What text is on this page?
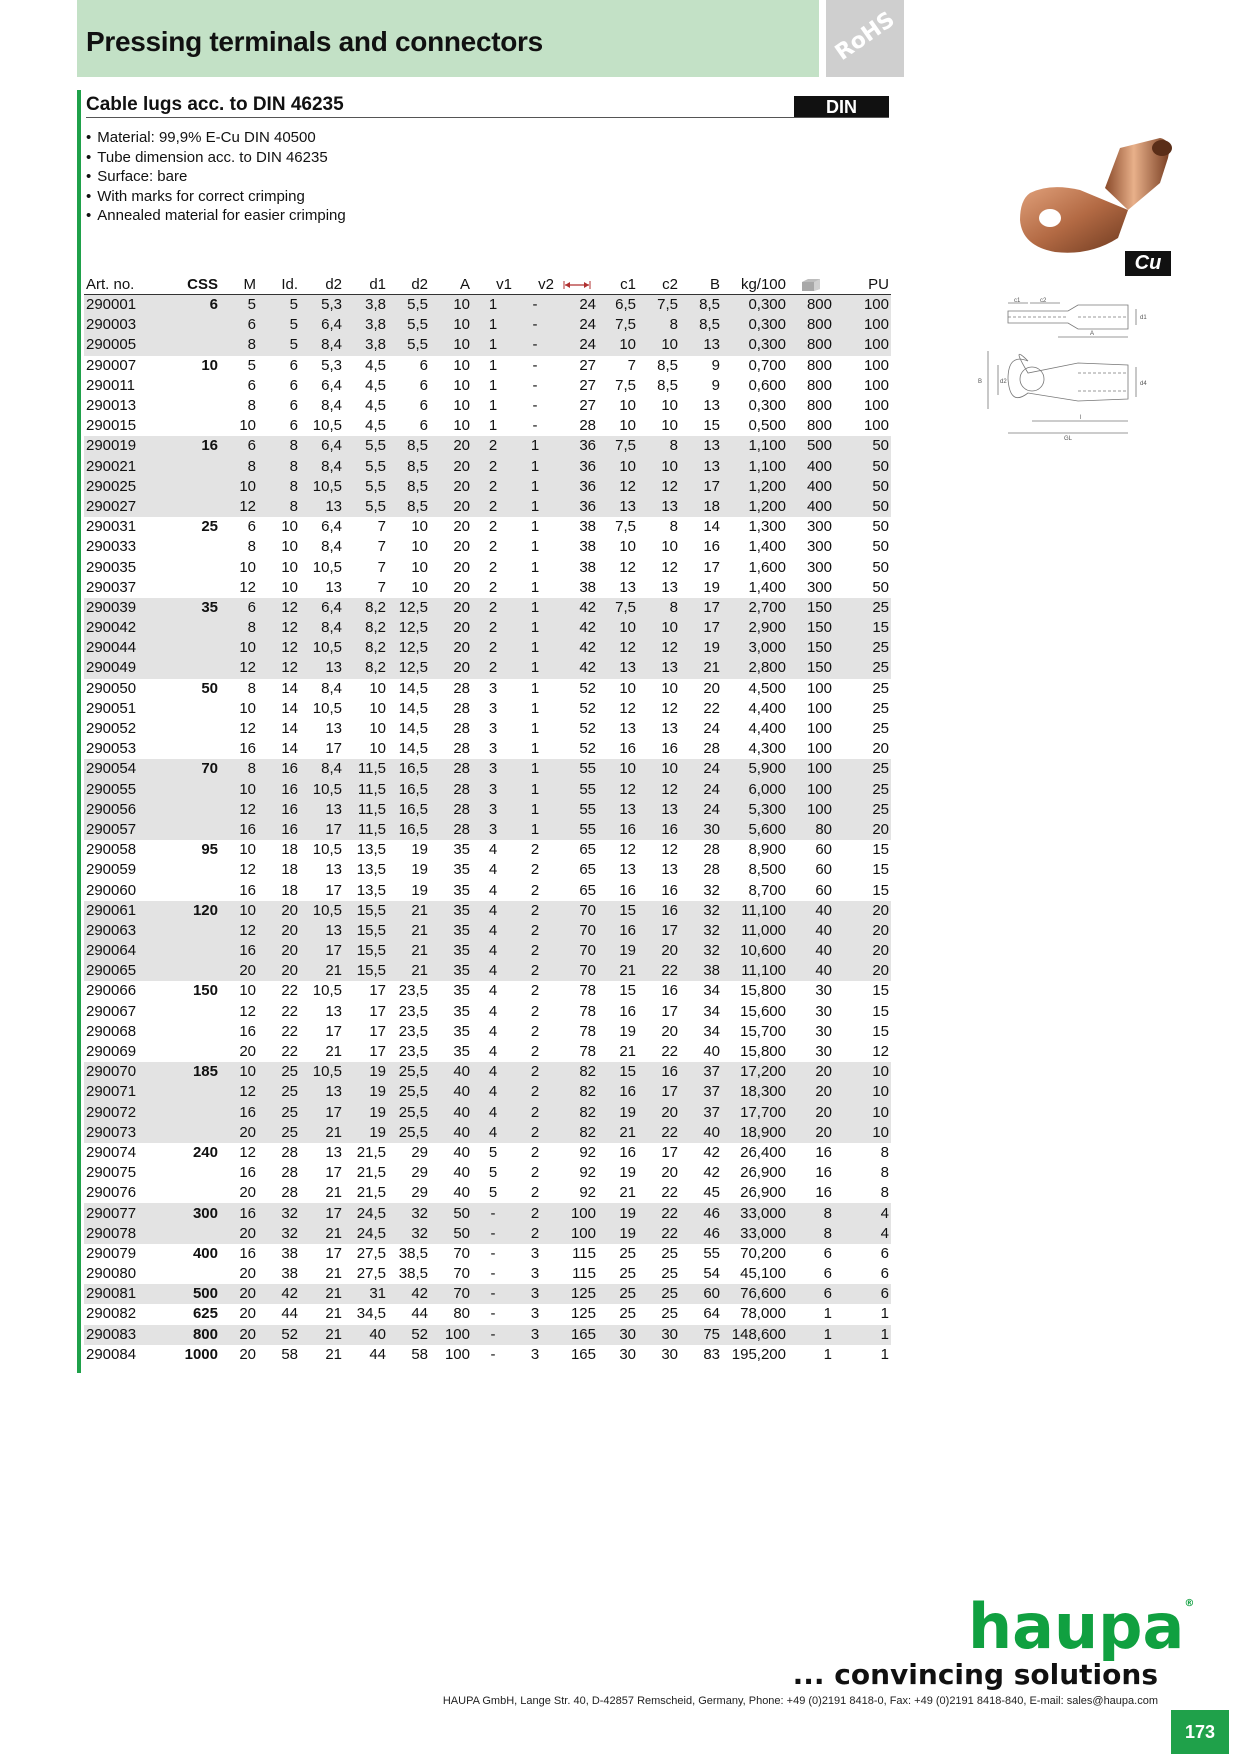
Pressing terminals and connectors	RoHS
Cable lugs acc. to DIN 46235	DIN
• Material: 99,9% E-Cu DIN 40500
• Tube dimension acc. to DIN 46235
• Surface: bare
• With marks for correct crimping
• Annealed material for easier crimping
Cu
c1	c2
d1
A
B	d2	d4
l
GL
Art. no.	CSS	M	Id.	d2	d1	d2	A	v1	v2		c1	c2	B	kg/100		PU
290001	6	5	5	5,3	3,8	5,5	10	1	-	24	6,5	7,5	8,5	0,300	800	100
290003		6	5	6,4	3,8	5,5	10	1	-	24	7,5	8	8,5	0,300	800	100
290005		8	5	8,4	3,8	5,5	10	1	-	24	10	10	13	0,300	800	100
290007	10	5	6	5,3	4,5	6	10	1	-	27	7	8,5	9	0,700	800	100
290011		6	6	6,4	4,5	6	10	1	-	27	7,5	8,5	9	0,600	800	100
290013		8	6	8,4	4,5	6	10	1	-	27	10	10	13	0,300	800	100
290015		10	6	10,5	4,5	6	10	1	-	28	10	10	15	0,500	800	100
290019	16	6	8	6,4	5,5	8,5	20	2	1	36	7,5	8	13	1,100	500	50
290021		8	8	8,4	5,5	8,5	20	2	1	36	10	10	13	1,100	400	50
290025		10	8	10,5	5,5	8,5	20	2	1	36	12	12	17	1,200	400	50
290027		12	8	13	5,5	8,5	20	2	1	36	13	13	18	1,200	400	50
290031	25	6	10	6,4	7	10	20	2	1	38	7,5	8	14	1,300	300	50
290033		8	10	8,4	7	10	20	2	1	38	10	10	16	1,400	300	50
290035		10	10	10,5	7	10	20	2	1	38	12	12	17	1,600	300	50
290037		12	10	13	7	10	20	2	1	38	13	13	19	1,400	300	50
290039	35	6	12	6,4	8,2	12,5	20	2	1	42	7,5	8	17	2,700	150	25
290042		8	12	8,4	8,2	12,5	20	2	1	42	10	10	17	2,900	150	15
290044		10	12	10,5	8,2	12,5	20	2	1	42	12	12	19	3,000	150	25
290049		12	12	13	8,2	12,5	20	2	1	42	13	13	21	2,800	150	25
290050	50	8	14	8,4	10	14,5	28	3	1	52	10	10	20	4,500	100	25
290051		10	14	10,5	10	14,5	28	3	1	52	12	12	22	4,400	100	25
290052		12	14	13	10	14,5	28	3	1	52	13	13	24	4,400	100	25
290053		16	14	17	10	14,5	28	3	1	52	16	16	28	4,300	100	20
290054	70	8	16	8,4	11,5	16,5	28	3	1	55	10	10	24	5,900	100	25
290055		10	16	10,5	11,5	16,5	28	3	1	55	12	12	24	6,000	100	25
290056		12	16	13	11,5	16,5	28	3	1	55	13	13	24	5,300	100	25
290057		16	16	17	11,5	16,5	28	3	1	55	16	16	30	5,600	80	20
290058	95	10	18	10,5	13,5	19	35	4	2	65	12	12	28	8,900	60	15
290059		12	18	13	13,5	19	35	4	2	65	13	13	28	8,500	60	15
290060		16	18	17	13,5	19	35	4	2	65	16	16	32	8,700	60	15
290061	120	10	20	10,5	15,5	21	35	4	2	70	15	16	32	11,100	40	20
290063		12	20	13	15,5	21	35	4	2	70	16	17	32	11,000	40	20
290064		16	20	17	15,5	21	35	4	2	70	19	20	32	10,600	40	20
290065		20	20	21	15,5	21	35	4	2	70	21	22	38	11,100	40	20
290066	150	10	22	10,5	17	23,5	35	4	2	78	15	16	34	15,800	30	15
290067		12	22	13	17	23,5	35	4	2	78	16	17	34	15,600	30	15
290068		16	22	17	17	23,5	35	4	2	78	19	20	34	15,700	30	15
290069		20	22	21	17	23,5	35	4	2	78	21	22	40	15,800	30	12
290070	185	10	25	10,5	19	25,5	40	4	2	82	15	16	37	17,200	20	10
290071		12	25	13	19	25,5	40	4	2	82	16	17	37	18,300	20	10
290072		16	25	17	19	25,5	40	4	2	82	19	20	37	17,700	20	10
290073		20	25	21	19	25,5	40	4	2	82	21	22	40	18,900	20	10
290074	240	12	28	13	21,5	29	40	5	2	92	16	17	42	26,400	16	8
290075		16	28	17	21,5	29	40	5	2	92	19	20	42	26,900	16	8
290076		20	28	21	21,5	29	40	5	2	92	21	22	45	26,900	16	8
290077	300	16	32	17	24,5	32	50	-	2	100	19	22	46	33,000	8	4
290078		20	32	21	24,5	32	50	-	2	100	19	22	46	33,000	8	4
290079	400	16	38	17	27,5	38,5	70	-	3	115	25	25	55	70,200	6	6
290080		20	38	21	27,5	38,5	70	-	3	115	25	25	54	45,100	6	6
290081	500	20	42	21	31	42	70	-	3	125	25	25	60	76,600	6	6
290082	625	20	44	21	34,5	44	80	-	3	125	25	25	64	78,000	1	1
290083	800	20	52	21	40	52	100	-	3	165	30	30	75	148,600	1	1
290084	1000	20	58	21	44	58	100	-	3	165	30	30	83	195,200	1	1
haupa®
... convincing solutions
HAUPA GmbH, Lange Str. 40, D-42857 Remscheid, Germany, Phone: +49 (0)2191 8418-0, Fax: +49 (0)2191 8418-840, E-mail: sales@haupa.com
173
